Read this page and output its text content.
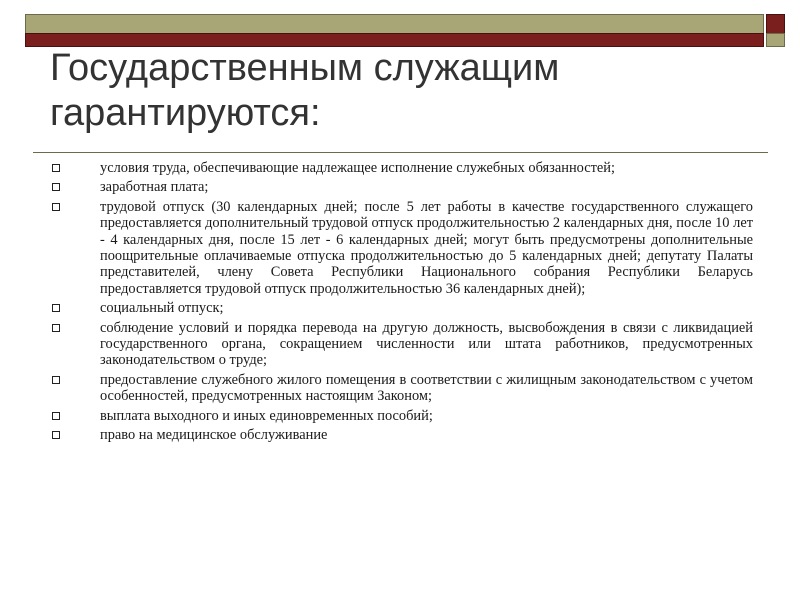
Государственным служащим
гарантируются:
условия труда, обеспечивающие надлежащее исполнение служебных обязанностей;
заработная плата;
трудовой отпуск (30 календарных дней; после 5 лет работы в качестве государственного служащего предоставляется дополнительный трудовой отпуск продолжительностью 2 календарных дня, после 10 лет - 4 календарных дня, после 15 лет - 6 календарных дней; могут быть предусмотрены дополнительные поощрительные оплачиваемые отпуска продолжительностью до 5 календарных дней; депутату Палаты представителей, члену Совета Республики Национального собрания Республики Беларусь предоставляется трудовой отпуск продолжительностью 36 календарных дней);
социальный отпуск;
соблюдение условий и порядка перевода на другую должность, высвобождения в связи с ликвидацией государственного органа, сокращением численности или штата работников, предусмотренных законодательством о труде;
предоставление служебного жилого помещения в соответствии с жилищным законодательством с учетом особенностей, предусмотренных настоящим Законом;
выплата выходного и иных единовременных пособий;
право на медицинское обслуживание
